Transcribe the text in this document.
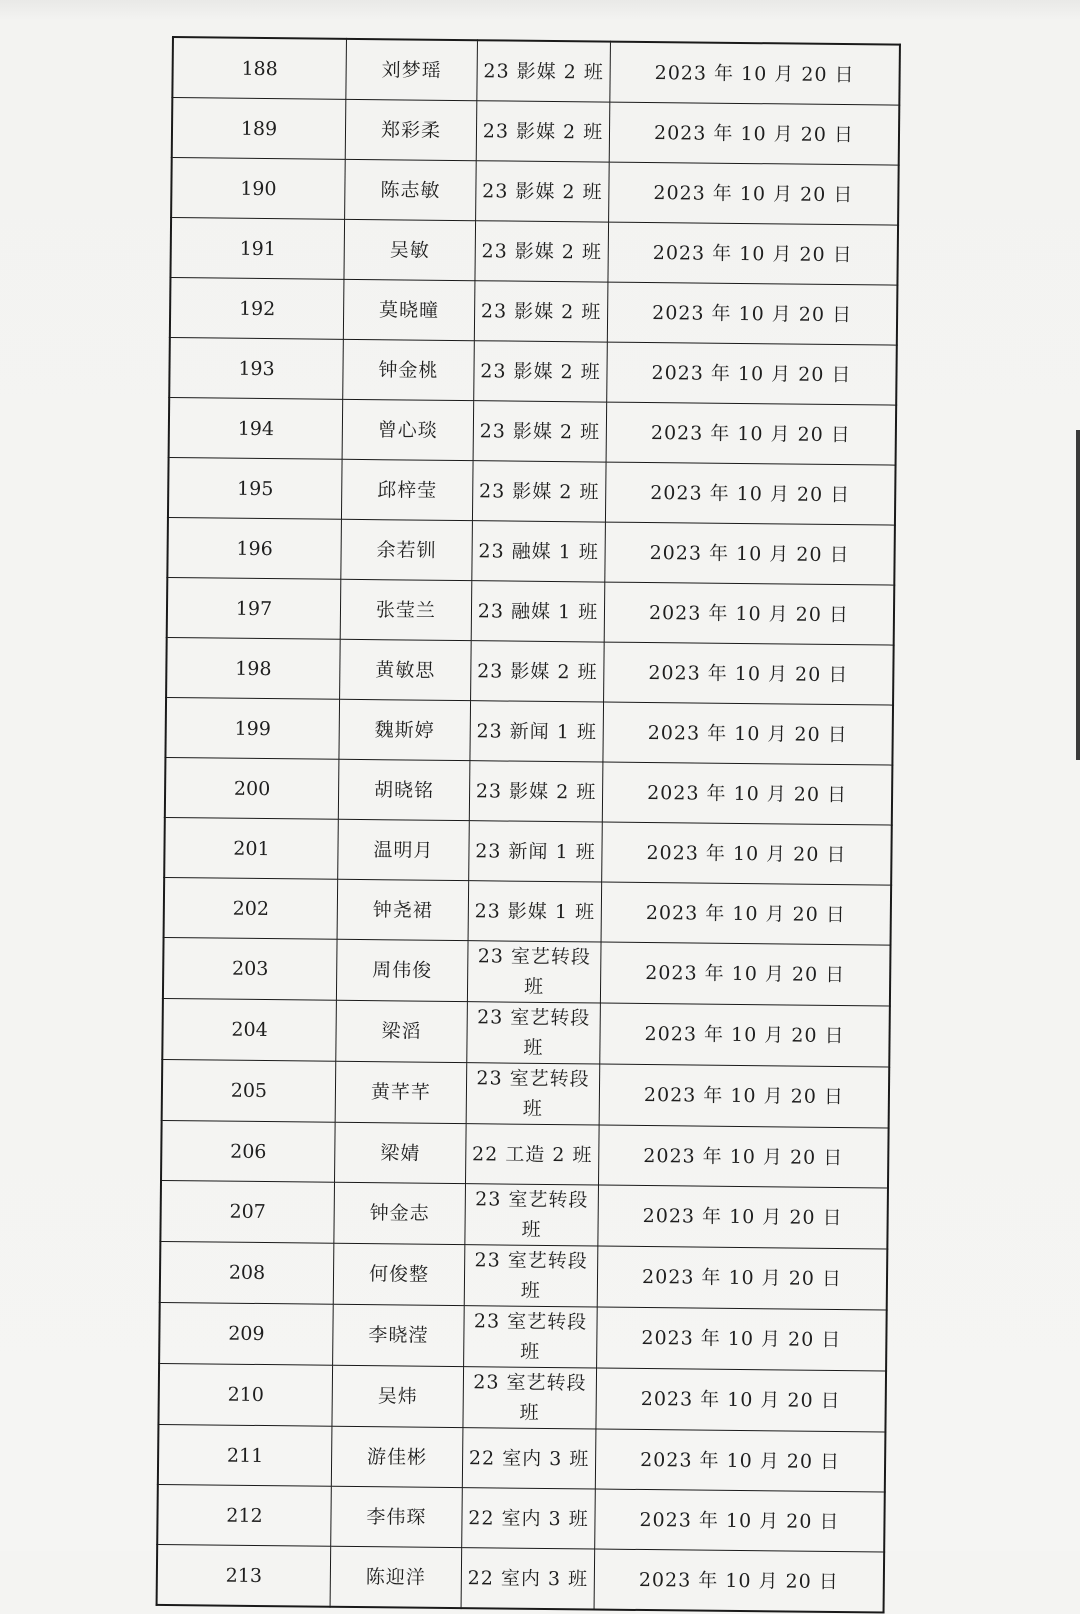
188	刘梦瑶	23 影媒 2 班	2023 年 10 月 20 日
189	郑彩柔	23 影媒 2 班	2023 年 10 月 20 日
190	陈志敏	23 影媒 2 班	2023 年 10 月 20 日
191	吴敏	23 影媒 2 班	2023 年 10 月 20 日
192	莫晓曈	23 影媒 2 班	2023 年 10 月 20 日
193	钟金桃	23 影媒 2 班	2023 年 10 月 20 日
194	曾心琰	23 影媒 2 班	2023 年 10 月 20 日
195	邱梓莹	23 影媒 2 班	2023 年 10 月 20 日
196	余若钏	23 融媒 1 班	2023 年 10 月 20 日
197	张莹兰	23 融媒 1 班	2023 年 10 月 20 日
198	黄敏思	23 影媒 2 班	2023 年 10 月 20 日
199	魏斯婷	23 新闻 1 班	2023 年 10 月 20 日
200	胡晓铭	23 影媒 2 班	2023 年 10 月 20 日
201	温明月	23 新闻 1 班	2023 年 10 月 20 日
202	钟尧裙	23 影媒 1 班	2023 年 10 月 20 日
203	周伟俊	23 室艺转段班	2023 年 10 月 20 日
204	梁滔	23 室艺转段班	2023 年 10 月 20 日
205	黄芊芊	23 室艺转段班	2023 年 10 月 20 日
206	梁婧	22 工造 2 班	2023 年 10 月 20 日
207	钟金志	23 室艺转段班	2023 年 10 月 20 日
208	何俊整	23 室艺转段班	2023 年 10 月 20 日
209	李晓滢	23 室艺转段班	2023 年 10 月 20 日
210	吴炜	23 室艺转段班	2023 年 10 月 20 日
211	游佳彬	22 室内 3 班	2023 年 10 月 20 日
212	李伟琛	22 室内 3 班	2023 年 10 月 20 日
213	陈迎洋	22 室内 3 班	2023 年 10 月 20 日
